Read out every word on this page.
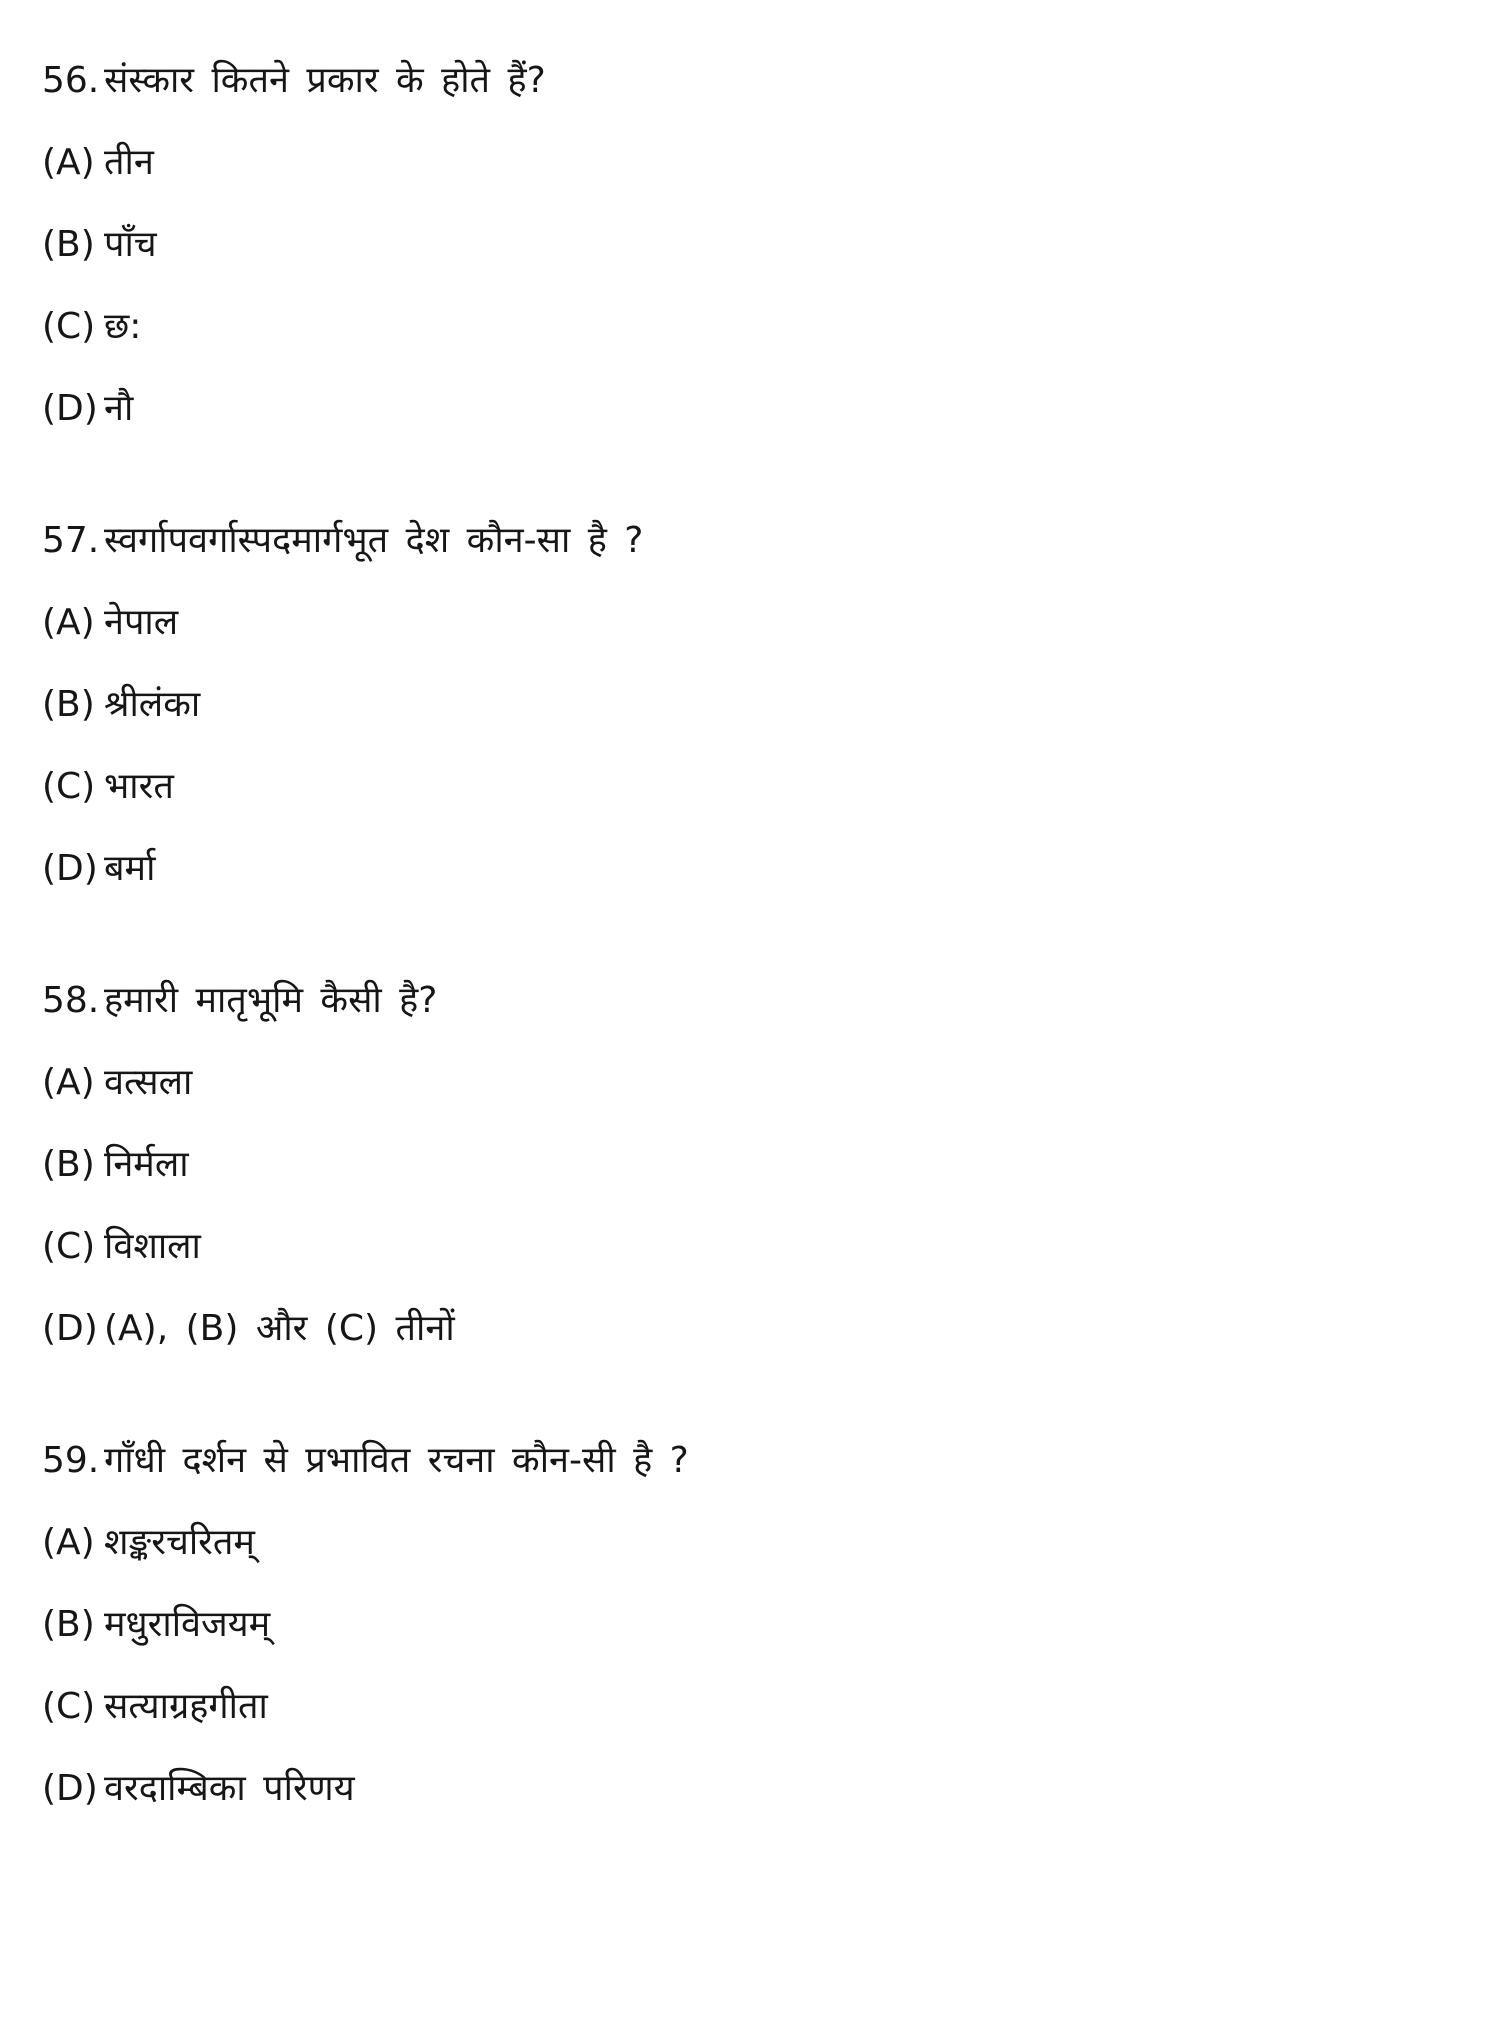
56. संस्कार कितने प्रकार के होते हैं?
(A) तीन
(B) पाँच
(C) छ:
(D) नौ
57. स्वर्गापवर्गास्पदमार्गभूत देश कौन-सा है ?
(A) नेपाल
(B) श्रीलंका
(C) भारत
(D) बर्मा
58. हमारी मातृभूमि कैसी है?
(A) वत्सला
(B) निर्मला
(C) विशाला
(D) (A), (B) और (C) तीनों
59. गाँधी दर्शन से प्रभावित रचना कौन-सी है ?
(A) शङ्करचरितम्
(B) मधुराविजयम्
(C) सत्याग्रहगीता
(D) वरदाम्बिका परिणय
